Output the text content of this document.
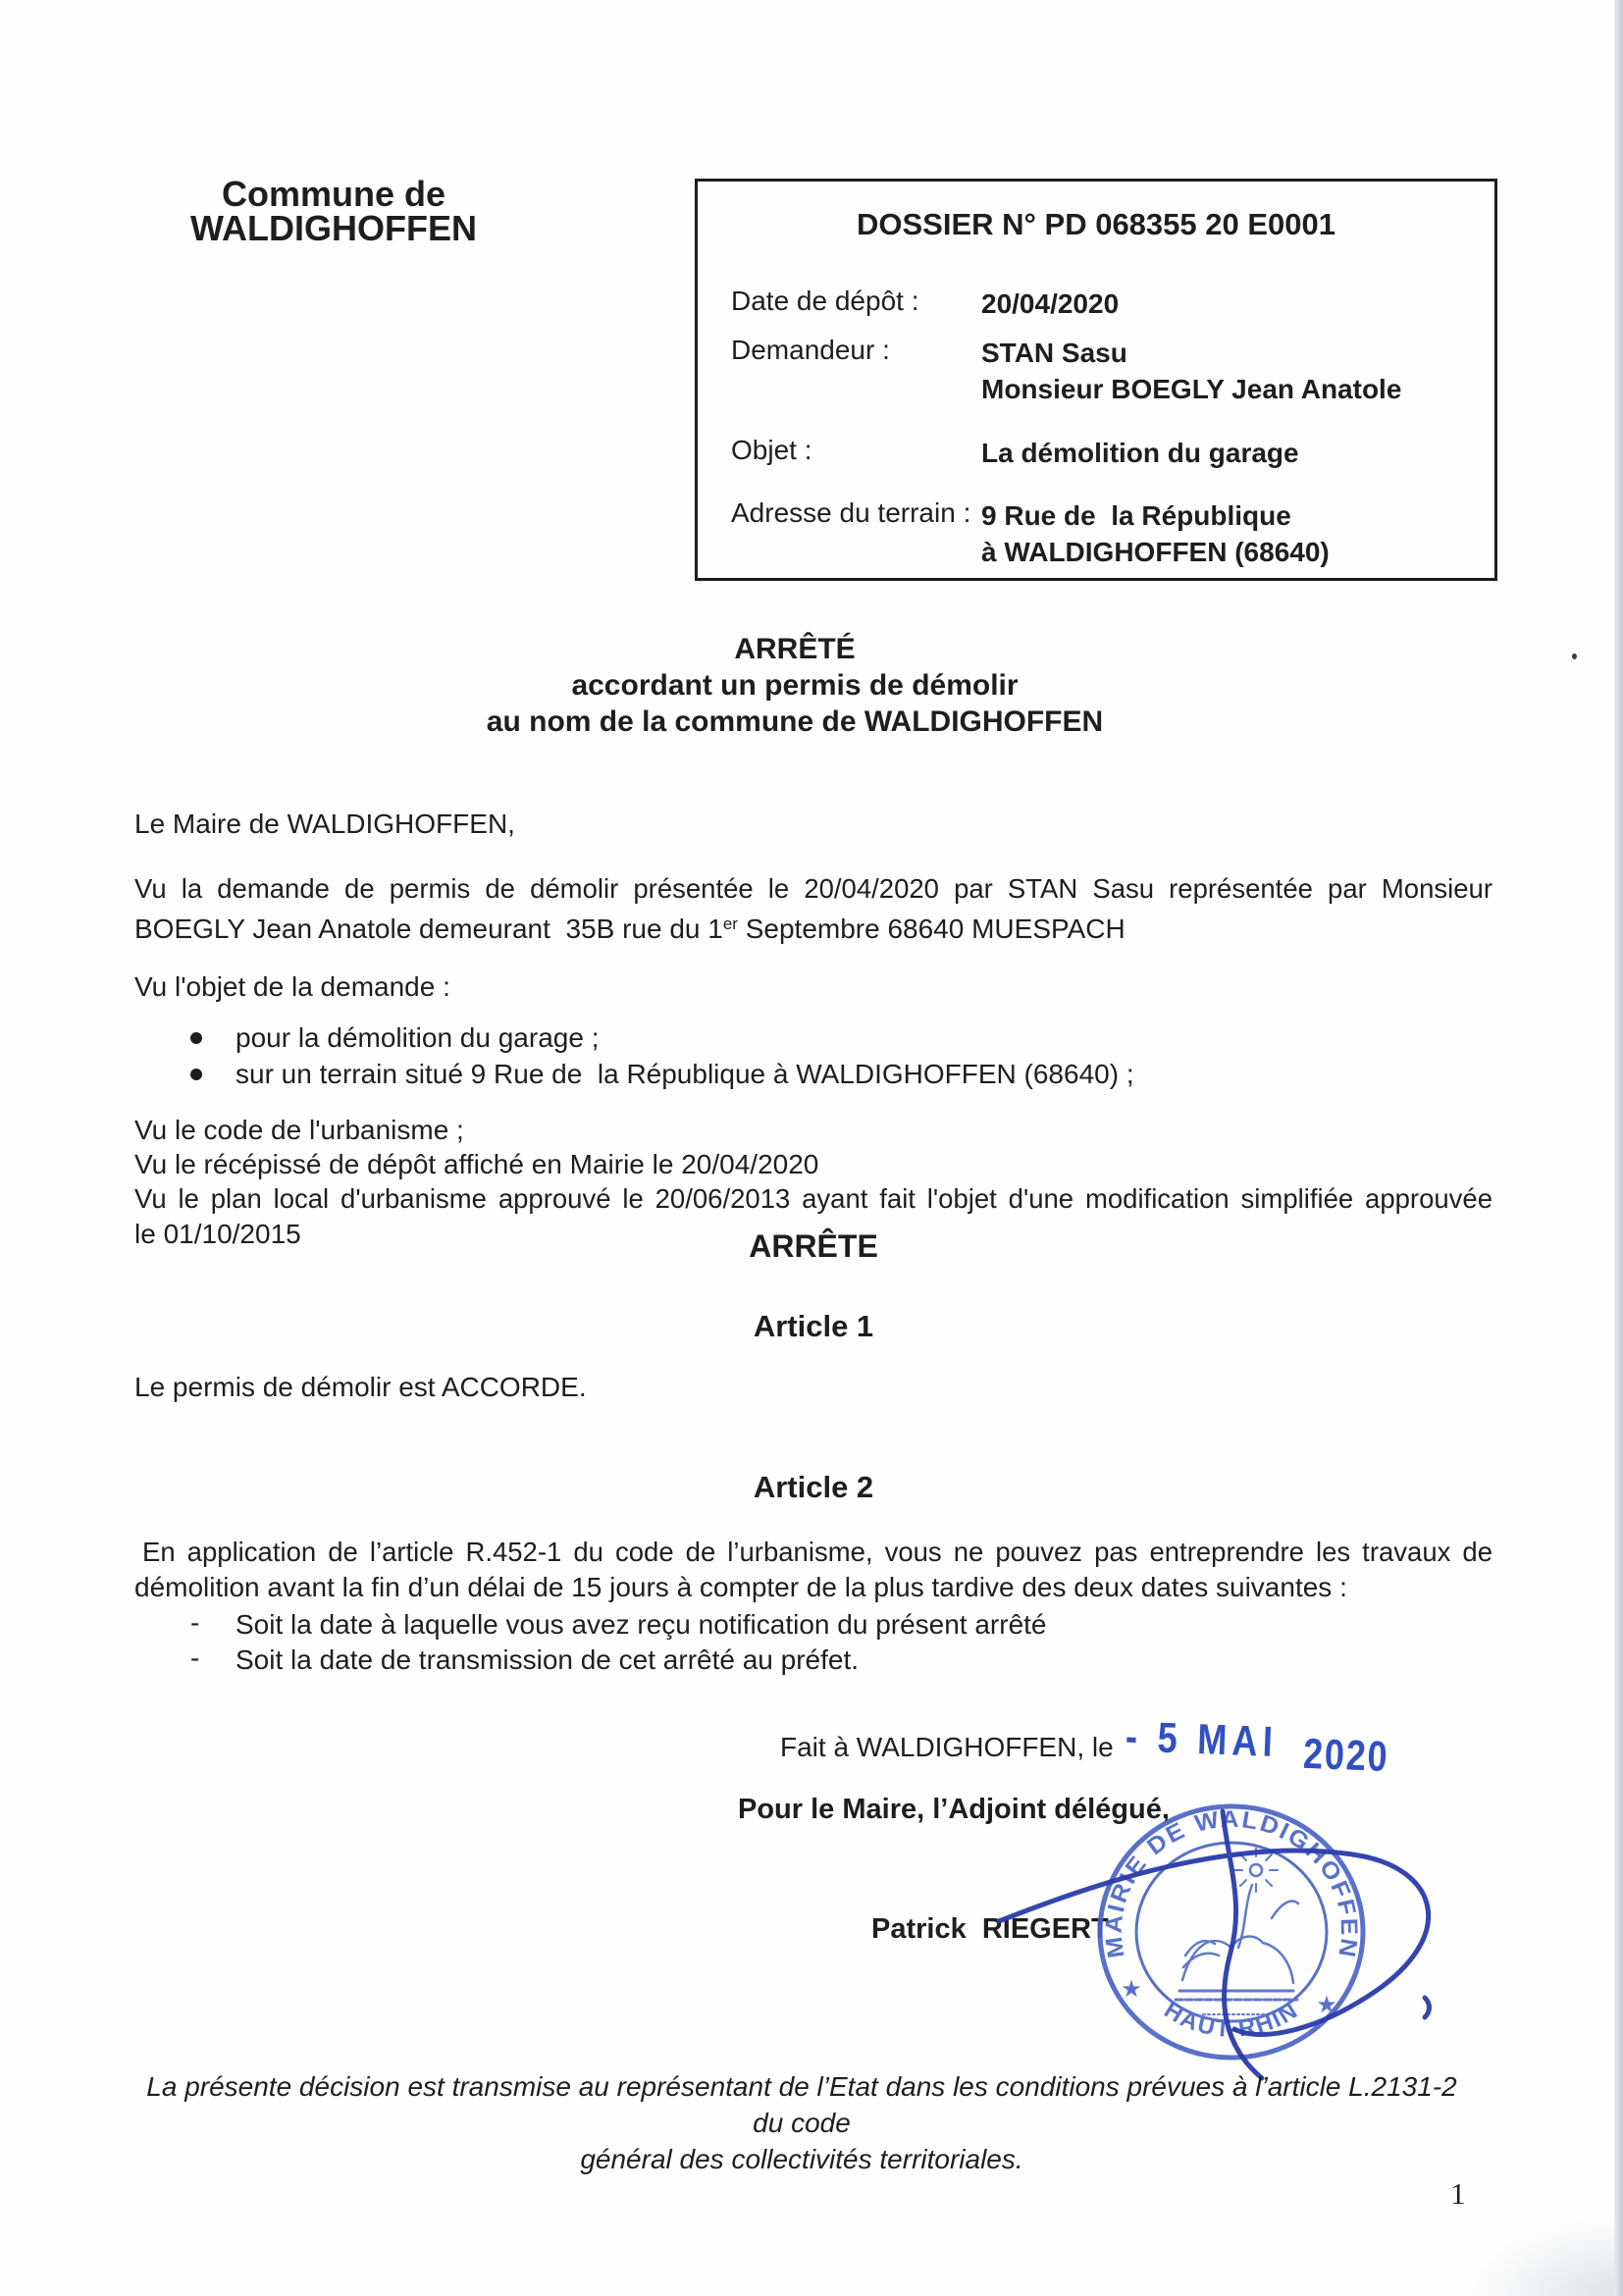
Commune de
WALDIGHOFFEN	DOSSIER N° PD 068355 20 E0001
Date de dépôt : 20/04/2020
Demandeur :	STAN Sasu
Monsieur BOEGLY Jean Anatole
Objet :	La démolition du garage
Adresse du terrain : 9 Rue de  la République
à WALDIGHOFFEN (68640)
ARRÊTÉ
accordant un permis de démolir
au nom de la commune de WALDIGHOFFEN
Le Maire de WALDIGHOFFEN,
Vu la demande de permis de démolir présentée le 20/04/2020 par STAN Sasu représentée par Monsieur
BOEGLY Jean Anatole demeurant  35B rue du 1er Septembre 68640 MUESPACH
Vu l'objet de la demande :
pour la démolition du garage ;
sur un terrain situé 9 Rue de  la République à WALDIGHOFFEN (68640) ;
Vu le code de l'urbanisme ;
Vu le récépissé de dépôt affiché en Mairie le 20/04/2020
Vu le plan local d'urbanisme approuvé le 20/06/2013 ayant fait l'objet d'une modification simplifiée approuvée
le 01/10/2015	ARRÊTE
Article 1
Le permis de démolir est ACCORDE.
Article 2
En application de l’article R.452-1 du code de l’urbanisme, vous ne pouvez pas entreprendre les travaux de
démolition avant la fin d’un délai de 15 jours à compter de la plus tardive des deux dates suivantes :
- Soit la date à laquelle vous avez reçu notification du présent arrêté
- Soit la date de transmission de cet arrêté au préfet.
Fait à WALDIGHOFFEN, le - 5 MAI 2020
Pour le Maire, l’Adjoint délégué,
Patrick  RIEGERT
MAIRIE DE WALDIGHOFFEN
HAUT-RHIN
★
★
La présente décision est transmise au représentant de l’Etat dans les conditions prévues à l’article L.2131-2 du code
général des collectivités territoriales.
1
